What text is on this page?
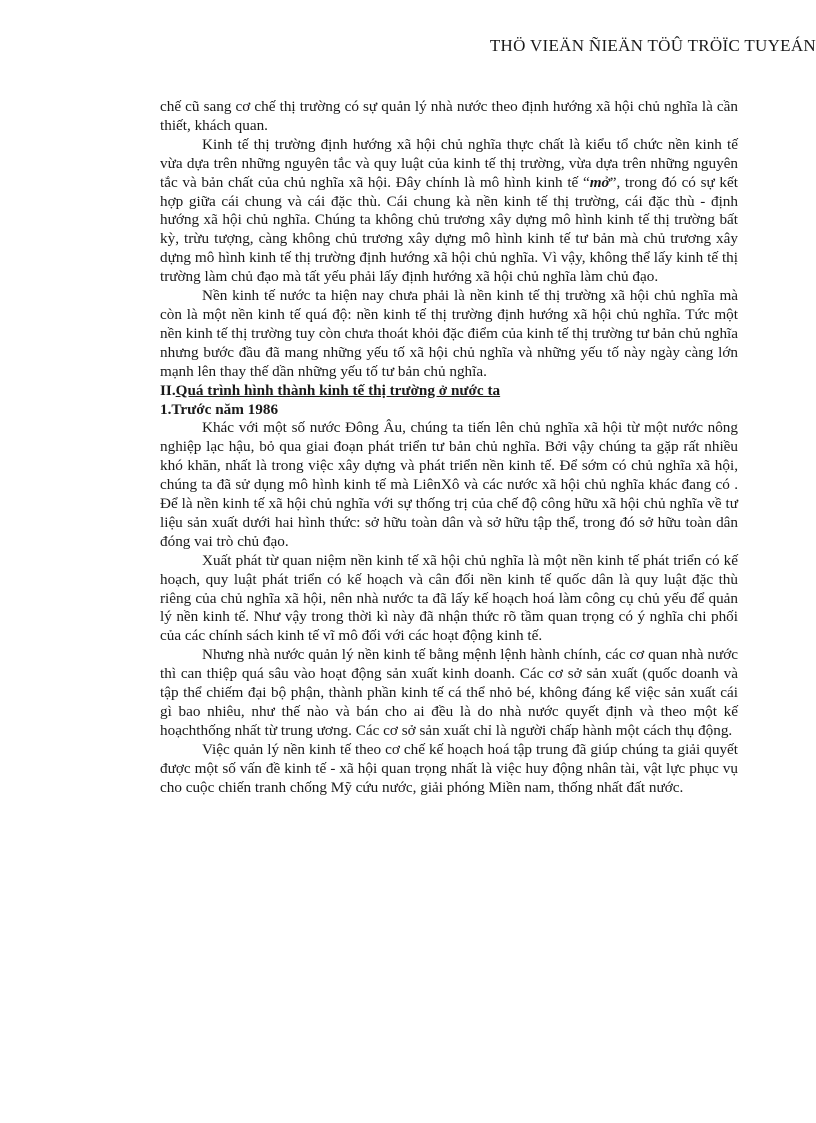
THÖ VIEÄN ÑIEÄN TÖÛ TRÖÏC TUYEÁN

chế cũ sang cơ chế thị trường có sự quản lý nhà nước theo định hướng xã hội chủ nghĩa là cần thiết, khách quan.

Kinh tế thị trường định hướng xã hội chủ nghĩa thực chất là kiểu tổ chức nền kinh tế vừa dựa trên những nguyên tắc và quy luật của kinh tế thị trường, vừa dựa trên những nguyên tắc và bản chất của chủ nghĩa xã hội. Đây chính là mô hình kinh tế “mở”, trong đó có sự kết hợp giữa cái chung và cái đặc thù. Cái chung kà nền kinh tế thị trường, cái đặc thù - định hướng xã hội chủ nghĩa. Chúng ta không chủ trương xây dựng mô hình kinh tế thị trường bất kỳ, trừu tượng, càng không chủ trương xây dựng mô hình kinh tế tư bản mà chủ trương xây dựng mô hình kinh tế thị trường định hướng xã hội chủ nghĩa. Vì vậy, không thể lấy kinh tế thị trường làm chủ đạo mà tất yếu phải lấy định hướng xã hội chủ nghĩa làm chủ đạo.

Nền kinh tế nước ta hiện nay chưa phải là nền kinh tế thị trường xã hội chủ nghĩa mà còn là một nền kinh tế quá độ: nền kinh tế thị trường định hướng xã hội chủ nghĩa. Tức một nền kinh tế thị trường tuy còn chưa thoát khỏi đặc điểm của kinh tế thị trường tư bản chủ nghĩa nhưng bước đầu đã mang những yếu tố xã hội chủ nghĩa và những yếu tố này ngày càng lớn mạnh lên thay thế dần những yếu tố tư bản chủ nghĩa.

II.Quá trình hình thành kinh tế thị trường ở nước ta

1.Trước năm 1986

Khác với một số nước Đông Âu, chúng ta tiến lên chủ nghĩa xã hội từ một nước nông nghiệp lạc hậu, bỏ qua giai đoạn phát triển tư bản chủ nghĩa. Bởi vậy chúng ta gặp rất nhiều khó khăn, nhất là trong việc xây dựng và phát triển nền kinh tế. Để sớm có chủ nghĩa xã hội, chúng ta đã sử dụng mô hình kinh tế mà LiênXô và các nước xã hội chủ nghĩa khác đang có . Để là nền kinh tế xã hội chủ nghĩa với sự thống trị của chế độ công hữu xã hội chủ nghĩa về tư liệu sản xuất dưới hai hình thức: sở hữu toàn dân và sở hữu tập thể, trong đó sở hữu toàn dân đóng vai trò chủ đạo.

Xuất phát từ quan niệm nền kinh tế xã hội chủ nghĩa là một nền kinh tế phát triển có kế hoạch, quy luật phát triển có kế hoạch và cân đối nền kinh tế quốc dân là quy luật đặc thù riêng của chủ nghĩa xã hội, nên nhà nước ta đã lấy kế hoạch hoá làm công cụ chủ yếu để quản lý nền kinh tế. Như vậy trong thời kì này đã nhận thức rõ tầm quan trọng có ý nghĩa chi phối của các chính sách kinh tế vĩ mô đối với các hoạt động kinh tế.

Nhưng nhà nước quản lý nền kinh tế bằng mệnh lệnh hành chính, các cơ quan nhà nước thì can thiệp quá sâu vào hoạt động sản xuất kinh doanh. Các cơ sở sản xuất (quốc doanh và tập thể chiếm đại bộ phận, thành phần kinh tế cá thể nhỏ bé, không đáng kể việc sản xuất cái gì bao nhiêu, như thế nào và bán cho ai đều là do nhà nước quyết định và theo một kế hoạchthống nhất từ trung ương. Các cơ sở sản xuất chỉ là người chấp hành một cách thụ động.

Việc quản lý nền kinh tế theo cơ chế kế hoạch hoá tập trung đã giúp chúng ta giải quyết được một số vấn đề kinh tế - xã hội quan trọng nhất là việc huy động nhân tài, vật lực phục vụ cho cuộc chiến tranh chống Mỹ cứu nước, giải phóng Miền nam, thống nhất đất nước.
